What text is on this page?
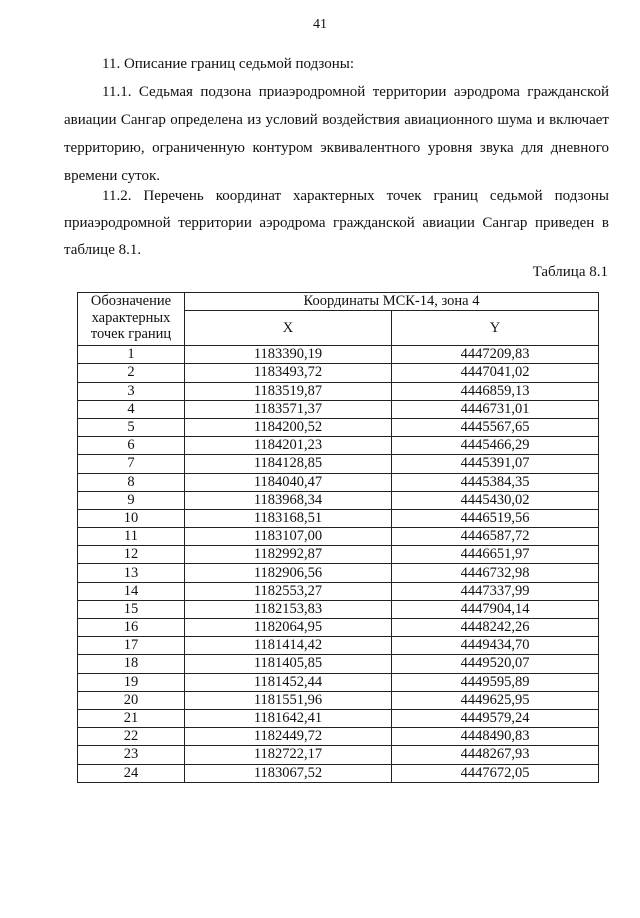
41
11. Описание границ седьмой подзоны:
11.1. Седьмая подзона приаэродромной территории аэродрома гражданской
авиации Сангар определена из условий воздействия авиационного шума и включает
территорию, ограниченную контуром эквивалентного уровня звука для дневного
времени суток.
11.2. Перечень координат характерных точек границ седьмой подзоны
приаэродромной территории аэродрома гражданской авиации Сангар приведен в
таблице 8.1.
Таблица 8.1
Обозначение характерных точек границ	Координаты МСК-14, зона 4	
	X	Y
1	1183390,19	4447209,83
2	1183493,72	4447041,02
3	1183519,87	4446859,13
4	1183571,37	4446731,01
5	1184200,52	4445567,65
6	1184201,23	4445466,29
7	1184128,85	4445391,07
8	1184040,47	4445384,35
9	1183968,34	4445430,02
10	1183168,51	4446519,56
11	1183107,00	4446587,72
12	1182992,87	4446651,97
13	1182906,56	4446732,98
14	1182553,27	4447337,99
15	1182153,83	4447904,14
16	1182064,95	4448242,26
17	1181414,42	4449434,70
18	1181405,85	4449520,07
19	1181452,44	4449595,89
20	1181551,96	4449625,95
21	1181642,41	4449579,24
22	1182449,72	4448490,83
23	1182722,17	4448267,93
24	1183067,52	4447672,05
